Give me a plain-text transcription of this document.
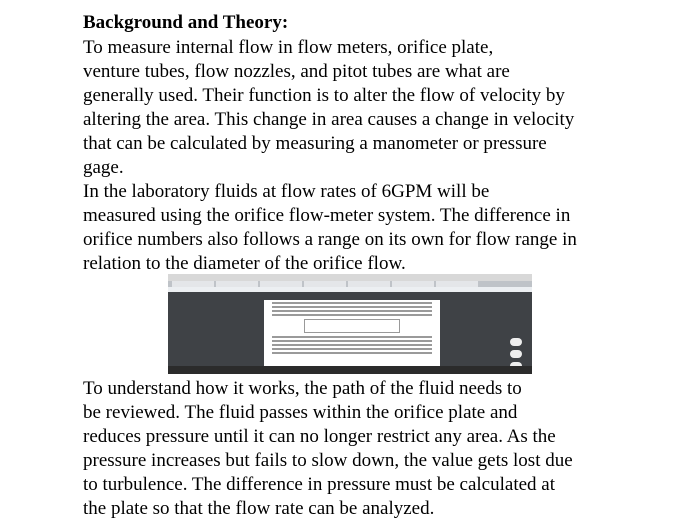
Background and Theory:
To measure internal flow in flow meters, orifice plate,
venture tubes, flow nozzles, and pitot tubes are what are
generally used. Their function is to alter the flow of velocity by
altering the area. This change in area causes a change in velocity
that can be calculated by measuring a manometer or pressure
gage.
In the laboratory fluids at flow rates of 6GPM will be
measured using the orifice flow-meter system. The difference in
orifice numbers also follows a range on its own for flow range in
relation to the diameter of the orifice flow.
To understand how it works, the path of the fluid needs to
be reviewed. The fluid passes within the orifice plate and
reduces pressure until it can no longer restrict any area. As the
pressure increases but fails to slow down, the value gets lost due
to turbulence. The difference in pressure must be calculated at
the plate so that the flow rate can be analyzed.
